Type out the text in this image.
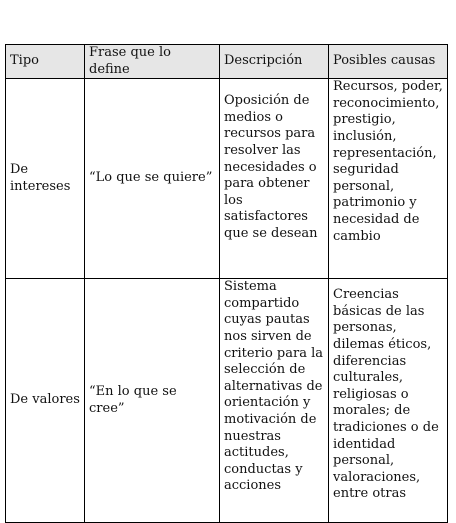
Tipo	Frase que lo define	Descripción	Posibles causas

De intereses	“Lo que se quiere”	Oposición de medios o recursos para resolver las necesidades o para obtener los satisfactores que se desean	Recursos, poder, reconocimiento, prestigio, inclusión, representación, seguridad personal, patrimonio y necesidad de cambio

De valores	“En lo que se cree”	Sistema compartido cuyas pautas nos sirven de criterio para la selección de alternativas de orientación y motivación de nuestras actitudes, conductas y acciones	Creencias básicas de las personas, dilemas éticos, diferencias culturales, religiosas o morales; de tradiciones o de identidad personal, valoraciones, entre otras
